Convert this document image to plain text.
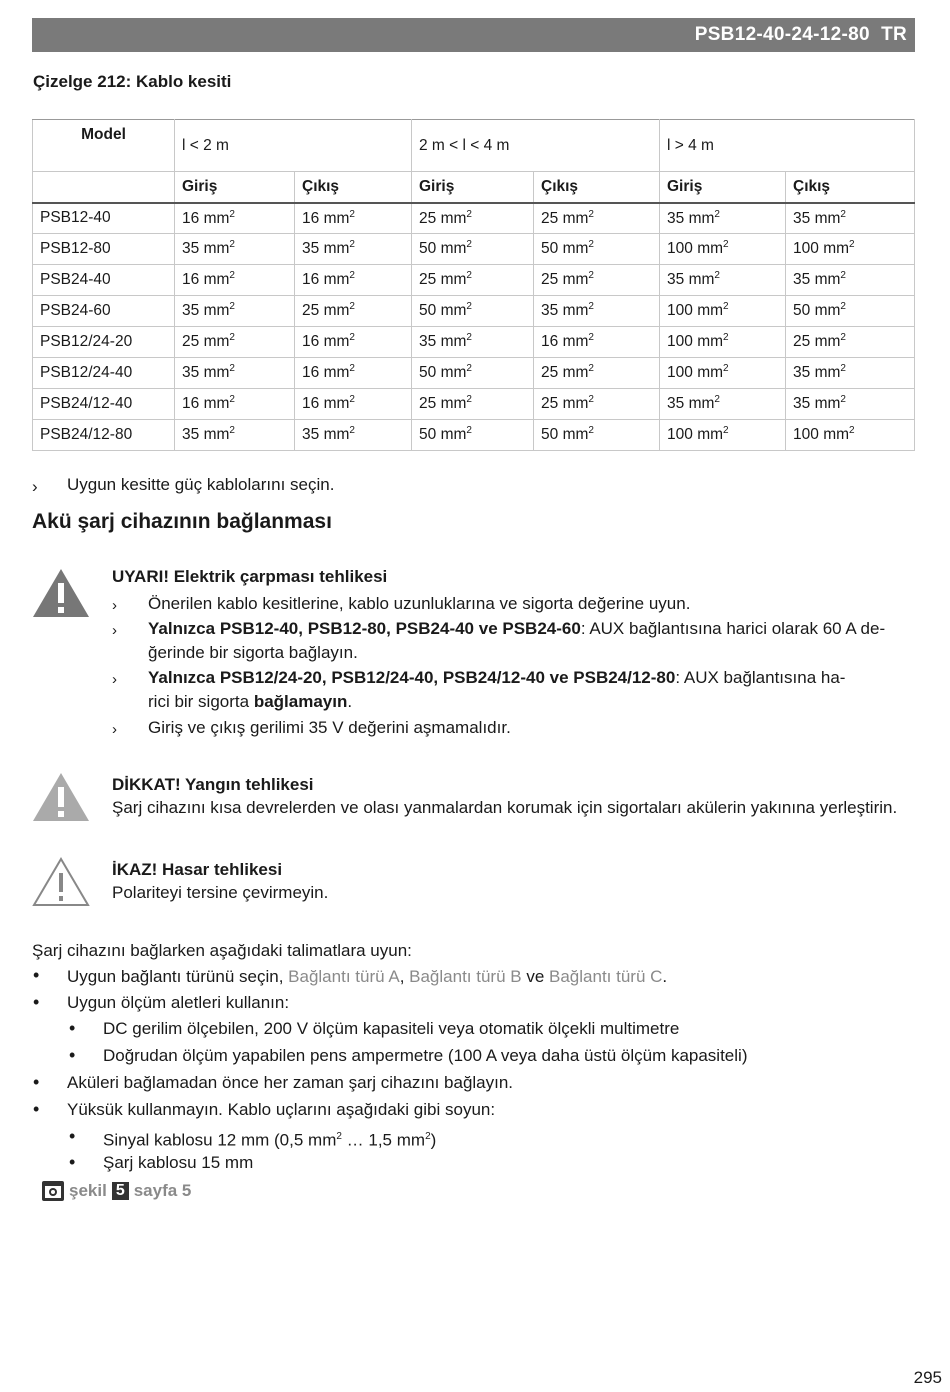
PSB12-40-24-12-80 TR
Çizelge 212: Kablo kesiti
Model	l < 2 m		2 m < l < 4 m		l > 4 m	
	Giriş	Çıkış	Giriş	Çıkış	Giriş	Çıkış
PSB12-40	16 $mm^2$	16 $mm^2$	25 $mm^2$	25 $mm^2$	35 $mm^2$	35 $mm^2$
PSB12-80	35 $mm^2$	35 $mm^2$	50 $mm^2$	50 $mm^2$	100 $mm^2$	100 $mm^2$
PSB24-40	16 $mm^2$	16 $mm^2$	25 $mm^2$	25 $mm^2$	35 $mm^2$	35 $mm^2$
PSB24-60	35 $mm^2$	25 $mm^2$	50 $mm^2$	35 $mm^2$	100 $mm^2$	50 $mm^2$
PSB12/24-20	25 $mm^2$	16 $mm^2$	35 $mm^2$	16 $mm^2$	100 $mm^2$	25 $mm^2$
PSB12/24-40	35 $mm^2$	16 $mm^2$	50 $mm^2$	25 $mm^2$	100 $mm^2$	35 $mm^2$
PSB24/12-40	16 $mm^2$	16 $mm^2$	25 $mm^2$	25 $mm^2$	35 $mm^2$	35 $mm^2$
PSB24/12-80	35 $mm^2$	35 $mm^2$	50 $mm^2$	50 $mm^2$	100 $mm^2$	100 $mm^2$
› Uygun kesitte güç kablolarını seçin.
Akü şarj cihazının bağlanması
UYARI! Elektrik çarpması tehlikesi
› Önerilen kablo kesitlerine, kablo uzunluklarına ve sigorta değerine uyun.
› Yalnızca PSB12-40, PSB12-80, PSB24-40 ve PSB24-60: AUX bağlantısına harici olarak 60 A de-
ğerinde bir sigorta bağlayın.
› Yalnızca PSB12/24-20, PSB12/24-40, PSB24/12-40 ve PSB24/12-80: AUX bağlantısına ha-
rici bir sigorta bağlamayın.
› Giriş ve çıkış gerilimi 35 V değerini aşmamalıdır.
DİKKAT! Yangın tehlikesi
Şarj cihazını kısa devrelerden ve olası yanmalardan korumak için sigortaları akülerin yakınına yerleştirin.
İKAZ! Hasar tehlikesi
Polariteyi tersine çevirmeyin.
Şarj cihazını bağlarken aşağıdaki talimatlara uyun:
• Uygun bağlantı türünü seçin, Bağlantı türü A, Bağlantı türü B ve Bağlantı türü C.
• Uygun ölçüm aletleri kullanın:
• DC gerilim ölçebilen, 200 V ölçüm kapasiteli veya otomatik ölçekli multimetre
• Doğrudan ölçüm yapabilen pens ampermetre (100 A veya daha üstü ölçüm kapasiteli)
• Aküleri bağlamadan önce her zaman şarj cihazını bağlayın.
• Yüksük kullanmayın. Kablo uçlarını aşağıdaki gibi soyun:
• Sinyal kablosu 12 mm (0,5 $mm^2$ … 1,5 $mm^2$)
• Şarj kablosu 15 mm
şekil 5 sayfa 5
295
